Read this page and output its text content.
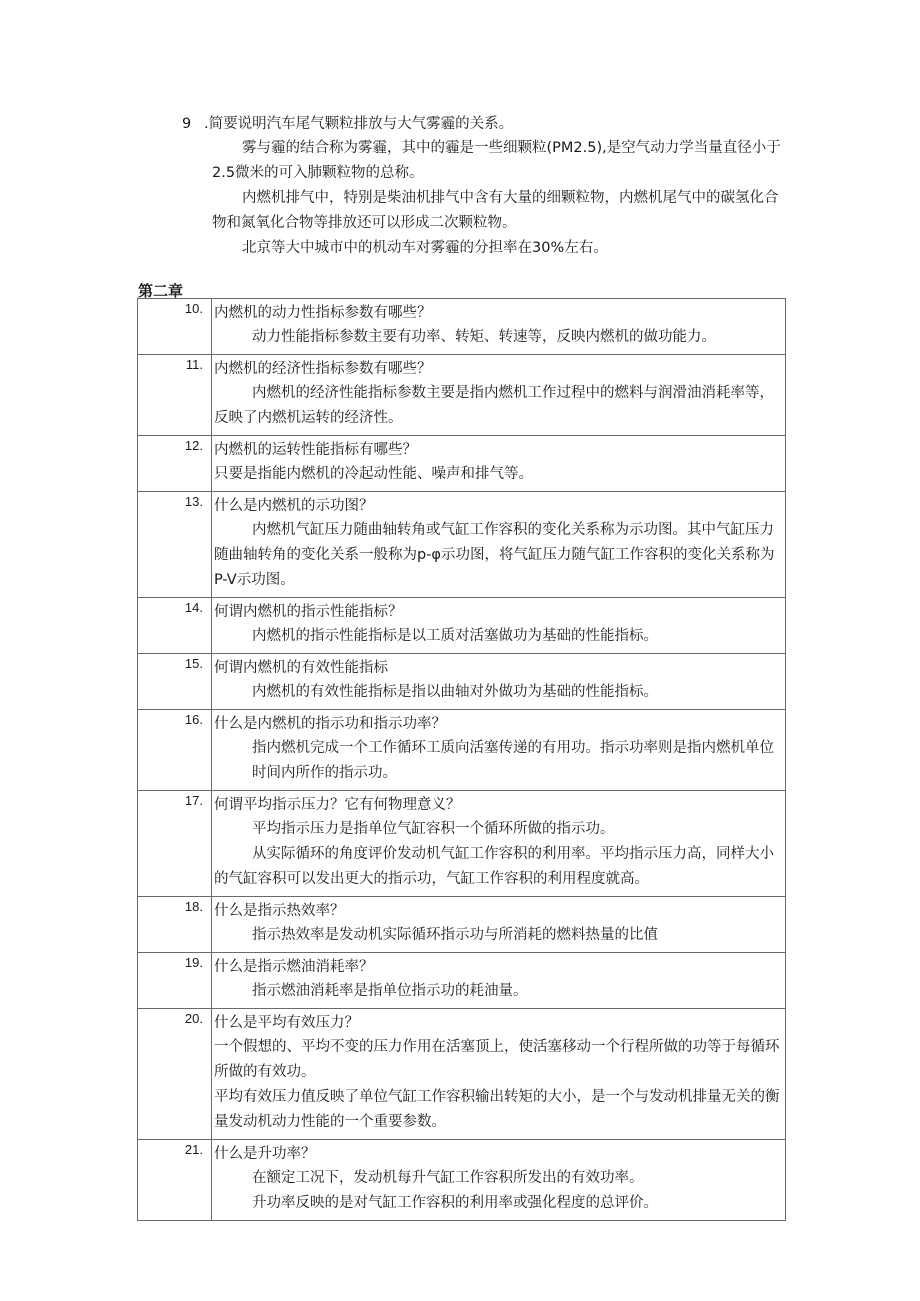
9 .简要说明汽车尾气颗粒排放与大气雾霾的关系。
雾与霾的结合称为雾霾，其中的霾是一些细颗粒(PM2.5),是空气动力学当量直径小于2.5微米的可入肺颗粒物的总称。
内燃机排气中，特别是柴油机排气中含有大量的细颗粒物，内燃机尾气中的碳氢化合物和氮氧化合物等排放还可以形成二次颗粒物。
北京等大中城市中的机动车对雾霾的分担率在30%左右。
第二章
10.	内燃机的动力性指标参数有哪些？
动力性能指标参数主要有功率、转矩、转速等，反映内燃机的做功能力。

11.	内燃机的经济性指标参数有哪些？
内燃机的经济性能指标参数主要是指内燃机工作过程中的燃料与润滑油消耗率等，反映了内燃机运转的经济性。

12.	内燃机的运转性能指标有哪些？
只要是指能内燃机的冷起动性能、噪声和排气等。

13.	什么是内燃机的示功图？
内燃机气缸压力随曲轴转角或气缸工作容积的变化关系称为示功图。其中气缸压力随曲轴转角的变化关系一般称为p-φ示功图，将气缸压力随气缸工作容积的变化关系称为P-V示功图。

14.	何谓内燃机的指示性能指标？
内燃机的指示性能指标是以工质对活塞做功为基础的性能指标。

15.	何谓内燃机的有效性能指标
内燃机的有效性能指标是指以曲轴对外做功为基础的性能指标。

16.	什么是内燃机的指示功和指示功率？
指内燃机完成一个工作循环工质向活塞传递的有用功。指示功率则是指内燃机单位时间内所作的指示功。

17.	何谓平均指示压力？它有何物理意义？
平均指示压力是指单位气缸容积一个循环所做的指示功。
从实际循环的角度评价发动机气缸工作容积的利用率。平均指示压力高，同样大小的气缸容积可以发出更大的指示功，气缸工作容积的利用程度就高。

18.	什么是指示热效率？
指示热效率是发动机实际循环指示功与所消耗的燃料热量的比值

19.	什么是指示燃油消耗率？
指示燃油消耗率是指单位指示功的耗油量。

20.	什么是平均有效压力？
一个假想的、平均不变的压力作用在活塞顶上，使活塞移动一个行程所做的功等于每循环所做的有效功。
平均有效压力值反映了单位气缸工作容积输出转矩的大小，是一个与发动机排量无关的衡量发动机动力性能的一个重要参数。

21.	什么是升功率？
在额定工况下，发动机每升气缸工作容积所发出的有效功率。
升功率反映的是对气缸工作容积的利用率或强化程度的总评价。
